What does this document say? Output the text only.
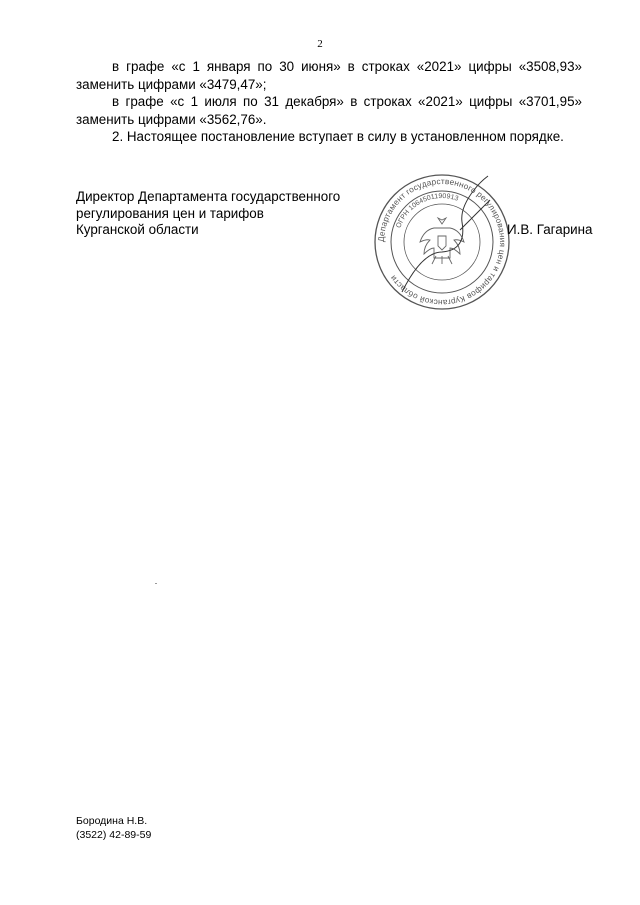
2

в графе «с 1 января по 30 июня» в строках «2021» цифры «3508,93»
заменить цифрами «3479,47»;

в графе «с 1 июля по 31 декабря» в строках «2021» цифры «3701,95»
заменить цифрами «3562,76».

2. Настоящее постановление вступает в силу в установленном порядке.

Директор Департамента государственного
регулирования цен и тарифов
Курганской области
Департамент государственного регулирования цен и тарифов Курганской области
ОГРН 1064501190913
И.В. Гагарина
Бородина Н.В.
(3522) 42-89-59
